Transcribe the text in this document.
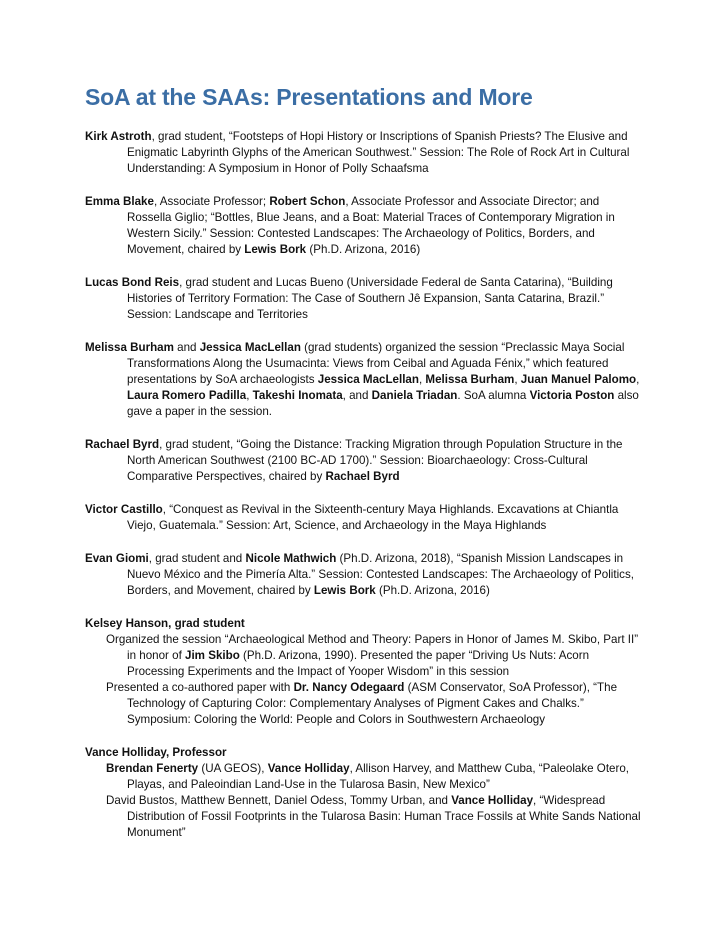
SoA at the SAAs: Presentations and More

Kirk Astroth, grad student, “Footsteps of Hopi History or Inscriptions of Spanish Priests? The Elusive and Enigmatic Labyrinth Glyphs of the American Southwest.” Session: The Role of Rock Art in Cultural Understanding: A Symposium in Honor of Polly Schaafsma

Emma Blake, Associate Professor; Robert Schon, Associate Professor and Associate Director; and Rossella Giglio; “Bottles, Blue Jeans, and a Boat: Material Traces of Contemporary Migration in Western Sicily.” Session: Contested Landscapes: The Archaeology of Politics, Borders, and Movement, chaired by Lewis Bork (Ph.D. Arizona, 2016)

Lucas Bond Reis, grad student and Lucas Bueno (Universidade Federal de Santa Catarina), “Building Histories of Territory Formation: The Case of Southern Jê Expansion, Santa Catarina, Brazil.” Session: Landscape and Territories

Melissa Burham and Jessica MacLellan (grad students) organized the session “Preclassic Maya Social Transformations Along the Usumacinta: Views from Ceibal and Aguada Fénix,” which featured presentations by SoA archaeologists Jessica MacLellan, Melissa Burham, Juan Manuel Palomo, Laura Romero Padilla, Takeshi Inomata, and Daniela Triadan. SoA alumna Victoria Poston also gave a paper in the session.

Rachael Byrd, grad student, “Going the Distance: Tracking Migration through Population Structure in the North American Southwest (2100 BC-AD 1700).” Session: Bioarchaeology: Cross-Cultural Comparative Perspectives, chaired by Rachael Byrd

Victor Castillo, “Conquest as Revival in the Sixteenth-century Maya Highlands. Excavations at Chiantla Viejo, Guatemala.” Session: Art, Science, and Archaeology in the Maya Highlands

Evan Giomi, grad student and Nicole Mathwich (Ph.D. Arizona, 2018), “Spanish Mission Landscapes in Nuevo México and the Pimería Alta.” Session: Contested Landscapes: The Archaeology of Politics, Borders, and Movement, chaired by Lewis Bork (Ph.D. Arizona, 2016)

Kelsey Hanson, grad student

Organized the session “Archaeological Method and Theory: Papers in Honor of James M. Skibo, Part II” in honor of Jim Skibo (Ph.D. Arizona, 1990). Presented the paper “Driving Us Nuts: Acorn Processing Experiments and the Impact of Yooper Wisdom” in this session

Presented a co-authored paper with Dr. Nancy Odegaard (ASM Conservator, SoA Professor), “The Technology of Capturing Color: Complementary Analyses of Pigment Cakes and Chalks.” Symposium: Coloring the World: People and Colors in Southwestern Archaeology

Vance Holliday, Professor

Brendan Fenerty (UA GEOS), Vance Holliday, Allison Harvey, and Matthew Cuba, “Paleolake Otero, Playas, and Paleoindian Land-Use in the Tularosa Basin, New Mexico”

David Bustos, Matthew Bennett, Daniel Odess, Tommy Urban, and Vance Holliday, “Widespread Distribution of Fossil Footprints in the Tularosa Basin: Human Trace Fossils at White Sands National Monument”
